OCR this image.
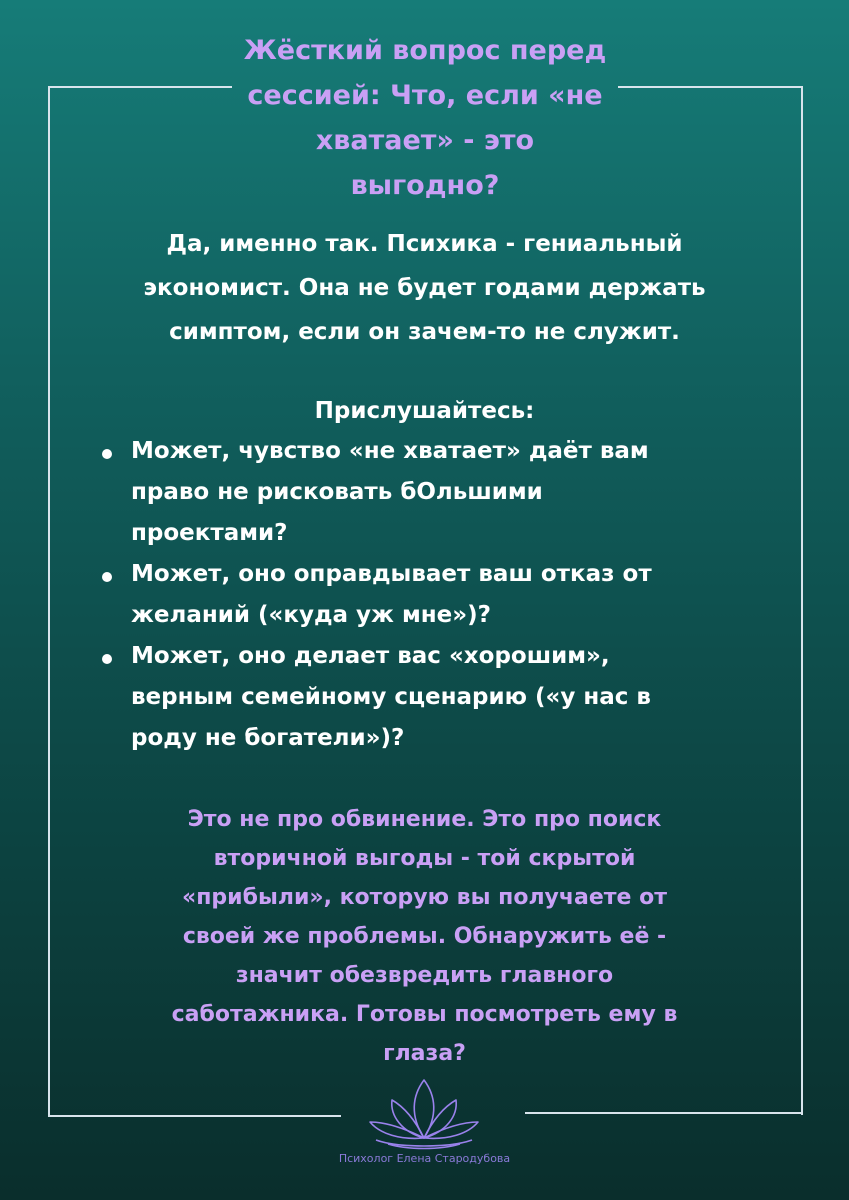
Жёсткий вопрос перед
сессией: Что, если «не
хватает» - это
выгодно?
Да, именно так. Психика - гениальный
экономист. Она не будет годами держать
симптом, если он зачем-то не служит.
Прислушайтесь:
Может, чувство «не хватает» даёт вам
право не рисковать бОльшими
проектами?
Может, оно оправдывает ваш отказ от
желаний («куда уж мне»)?
Может, оно делает вас «хорошим»,
верным семейному сценарию («у нас в
роду не богатели»)?
Это не про обвинение. Это про поиск
вторичной выгоды - той скрытой
«прибыли», которую вы получаете от
своей же проблемы. Обнаружить её -
значит обезвредить главного
саботажника. Готовы посмотреть ему в
глаза?
Психолог Елена Стародубова
